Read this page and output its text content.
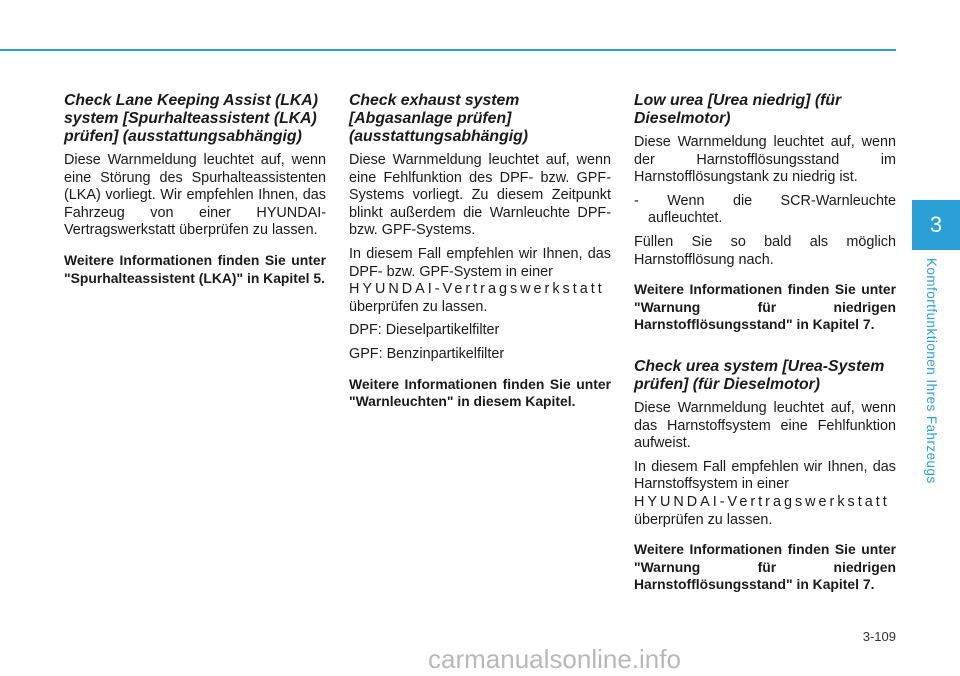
Check Lane Keeping Assist (LKA) system [Spurhalteassistent (LKA) prüfen] (ausstattungsabhängig)

Diese Warnmeldung leuchtet auf, wenn eine Störung des Spurhalteassistenten (LKA) vorliegt. Wir empfehlen Ihnen, das Fahrzeug von einer HYUNDAI-Vertragswerkstatt überprüfen zu lassen.

Weitere Informationen finden Sie unter "Spurhalteassistent (LKA)" in Kapitel 5.

Check exhaust system [Abgasanlage prüfen] (ausstattungsabhängig)

Diese Warnmeldung leuchtet auf, wenn eine Fehlfunktion des DPF- bzw. GPF-Systems vorliegt. Zu diesem Zeitpunkt blinkt außerdem die Warnleuchte DPF- bzw. GPF-Systems.

In diesem Fall empfehlen wir Ihnen, das DPF- bzw. GPF-System in einer

HYUNDAI-Vertragswerkstatt

überprüfen zu lassen.

DPF: Dieselpartikelfilter

GPF: Benzinpartikelfilter

Weitere Informationen finden Sie unter "Warnleuchten" in diesem Kapitel.

Low urea [Urea niedrig] (für Dieselmotor)

Diese Warnmeldung leuchtet auf, wenn der Harnstofflösungsstand im Harnstofflösungstank zu niedrig ist.

- Wenn die SCR-Warnleuchte aufleuchtet.

Füllen Sie so bald als möglich Harnstofflösung nach.

Weitere Informationen finden Sie unter "Warnung für niedrigen Harnstofflösungsstand" in Kapitel 7.

Check urea system [Urea-System prüfen] (für Dieselmotor)

Diese Warnmeldung leuchtet auf, wenn das Harnstoffsystem eine Fehlfunktion aufweist.

In diesem Fall empfehlen wir Ihnen, das Harnstoffsystem in einer

HYUNDAI-Vertragswerkstatt

überprüfen zu lassen.

Weitere Informationen finden Sie unter "Warnung für niedrigen Harnstofflösungsstand" in Kapitel 7.

3
Komfortfunktionen Ihres Fahrzeugs
3-109
carmanualsonline.info
